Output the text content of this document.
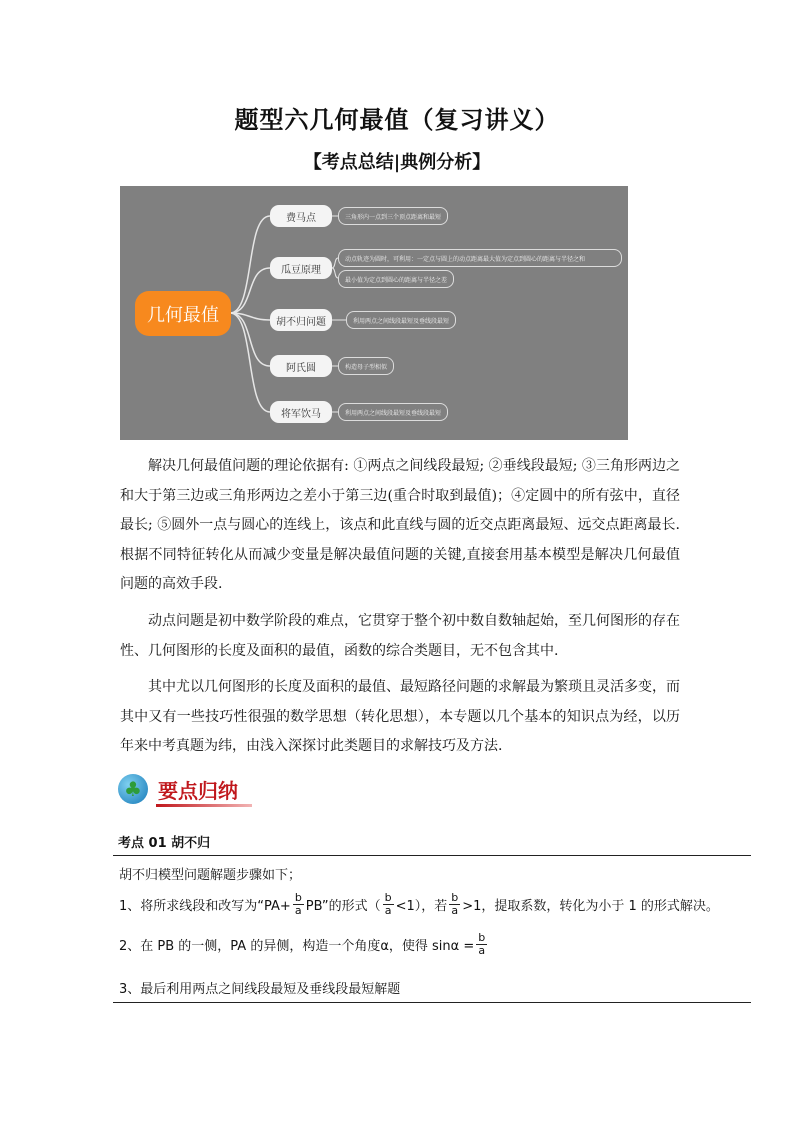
题型六几何最值（复习讲义）
【考点总结|典例分析】
几何最值
费马点
瓜豆原理
胡不归问题
阿氏圆
将军饮马
三角形内一点到三个顶点距离和最短
动点轨迹为圆时，可利用：一定点与圆上的动点距离最大值为定点到圆心的距离与半径之和
最小值为定点到圆心的距离与半径之差
利用两点之间线段最短及垂线段最短
构造母子型相似
利用两点之间线段最短及垂线段最短

解决几何最值问题的理论依据有: ①两点之间线段最短; ②垂线段最短; ③三角形两边之和大于第三边或三角形两边之差小于第三边(重合时取到最值)；④定圆中的所有弦中，直径最长; ⑤圆外一点与圆心的连线上，该点和此直线与圆的近交点距离最短、远交点距离最长.根据不同特征转化从而减少变量是解决最值问题的关键,直接套用基本模型是解决几何最值问题的高效手段.

动点问题是初中数学阶段的难点，它贯穿于整个初中数自数轴起始，至几何图形的存在性、几何图形的长度及面积的最值，函数的综合类题目，无不包含其中.

其中尤以几何图形的长度及面积的最值、最短路径问题的求解最为繁琐且灵活多变，而其中又有一些技巧性很强的数学思想（转化思想），本专题以几个基本的知识点为经，以历年来中考真题为纬，由浅入深探讨此类题目的求解技巧及方法.

♣ 要点归纳
考点 01 胡不归
胡不归模型问题解题步骤如下；
1、将所求线段和改写为“$PA+ \frac{b}{a}$ PB”的形式（ $\frac{b}{a} <1$），若 $\frac{b}{a} >1$，提取系数，转化为小于 1 的形式解决。
2、在 PB 的一侧，PA 的异侧，构造一个角度α，使得 $\sin\alpha = \frac{b}{a}$
3、最后利用两点之间线段最短及垂线段最短解题
